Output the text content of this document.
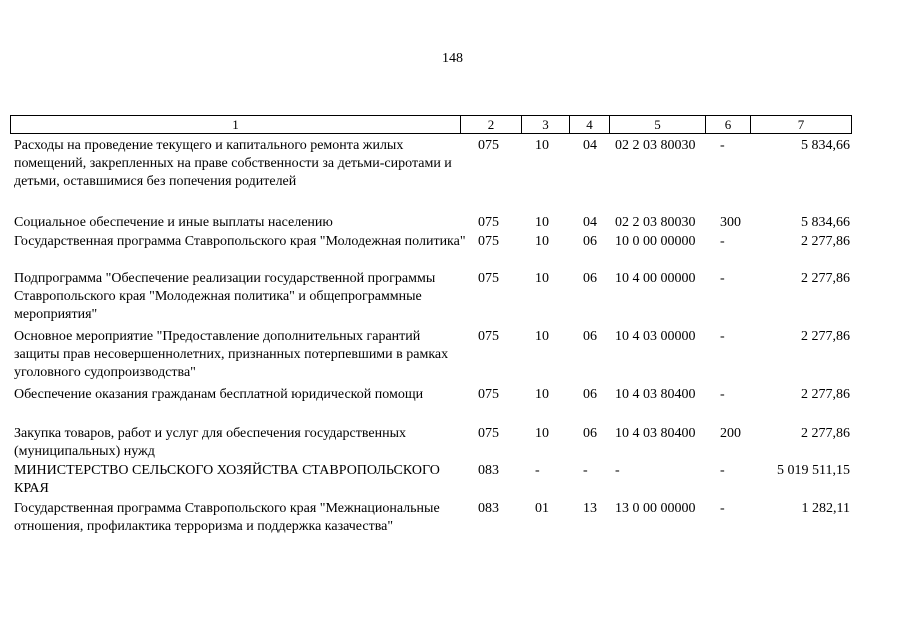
148
1	2	3	4	5	6	7
Расходы на проведение текущего и капитального ремонта жилых помещений, закрепленных на праве собственности за детьми-сиротами и детьми, оставшимися без попечения родителей
075	10 04 02 2 03 80030 -	5 834,66
Социальное обеспечение и иные выплаты населению	075	10 04 02 2 03 80030 300	5 834,66
Государственная программа Ставропольского края "Молодежная политика" 075	10 06 10 0 00 00000 -	2 277,86
Подпрограмма "Обеспечение реализации государственной программы Ставропольского края "Молодежная политика" и общепрограммные мероприятия"
075	10 06 10 4 00 00000 -	2 277,86
Основное мероприятие "Предоставление дополнительных гарантий защиты прав несовершеннолетних, признанных потерпевшими в рамках уголовного судопроизводства"
075	10 06 10 4 03 00000 -	2 277,86
Обеспечение оказания гражданам бесплатной юридической помощи	075	10 06 10 4 03 80400 -	2 277,86
Закупка товаров, работ и услуг для обеспечения государственных (муниципальных) нужд
075	10 06 10 4 03 80400 200	2 277,86
МИНИСТЕРСТВО СЕЛЬСКОГО ХОЗЯЙСТВА СТАВРОПОЛЬСКОГО КРАЯ
083	-	- -	-	5 019 511,15
Государственная программа Ставропольского края "Межнациональные отношения, профилактика терроризма и поддержка казачества"
083	01 13 13 0 00 00000 -	1 282,11
